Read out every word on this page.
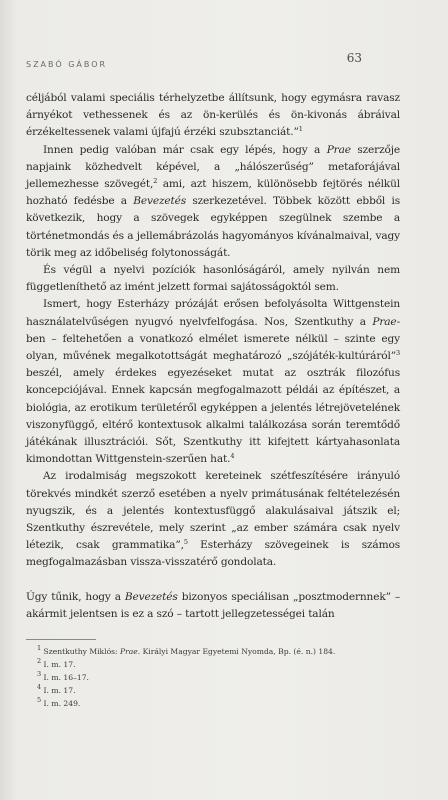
SZABÓ GÁBOR	63

céljából valami speciális térhelyzetbe állítsunk, hogy egymásra ravasz árnyékot vethessenek és az ön-kerülés és ön-kivonás ábráival érzékeltessenek valami újfajú érzéki szubsztanciát.”$^1$

Innen pedig valóban már csak egy lépés, hogy a Prae szerzője napjaink közhedvelt képével, a „hálószerűség” metaforájával jellemezhesse szövegét,$^2$ ami, azt hiszem, különösebb fejtörés nélkül hozható fedésbe a Bevezetés szerkezetével. Többek között ebből is következik, hogy a szövegek egyképpen szegülnek szembe a történetmondás és a jellemábrázolás hagyományos kívánalmaival, vagy törik meg az időbeliség folytonosságát.

És végül a nyelvi pozíciók hasonlóságáról, amely nyilván nem függetleníthető az imént jelzett formai sajátosságoktól sem.

Ismert, hogy Esterházy prózáját erősen befolyásolta Wittgenstein használatelvűségen nyugvó nyelvfelfogása. Nos, Szentkuthy a Prae-ben – feltehetően a vonatkozó elmélet ismerete nélkül – szinte egy olyan, művének megalkotottságát meghatározó „szójáték-kultúráról”$^3$ beszél, amely érdekes egyezéseket mutat az osztrák filozófus koncepciójával. Ennek kapcsán megfogalmazott példái az építészet, a biológia, az erotikum területéről egyképpen a jelentés létrejövetelének viszonyfüggő, eltérő kontextusok alkalmi találkozása során teremtődő játékának illusztrációi. Sőt, Szentkuthy itt kifejtett kártyahasonlata kimondottan Wittgenstein-szerűen hat.$^4$

Az irodalmiság megszokott kereteinek szétfeszítésére irányuló törekvés mindkét szerző esetében a nyelv primátusának feltételezésén nyugszik, és a jelentés kontextusfüggő alakulásaival játszik el; Szentkuthy észrevétele, mely szerint „az ember számára csak nyelv létezik, csak grammatika”,$^5$ Esterházy szövegeinek is számos megfogalmazásban vissza-visszatérő gondolata.

Úgy tűnik, hogy a Bevezetés bizonyos speciálisan „posztmodernnek” – akármit jelentsen is ez a szó – tartott jellegzetességei talán

$^1$ Szentkuthy Miklós: Prae. Királyi Magyar Egyetemi Nyomda, Bp. (é. n.) 184.
$^2$ I. m. 17.
$^3$ I. m. 16–17.
$^4$ I. m. 17.
$^5$ I. m. 249.
